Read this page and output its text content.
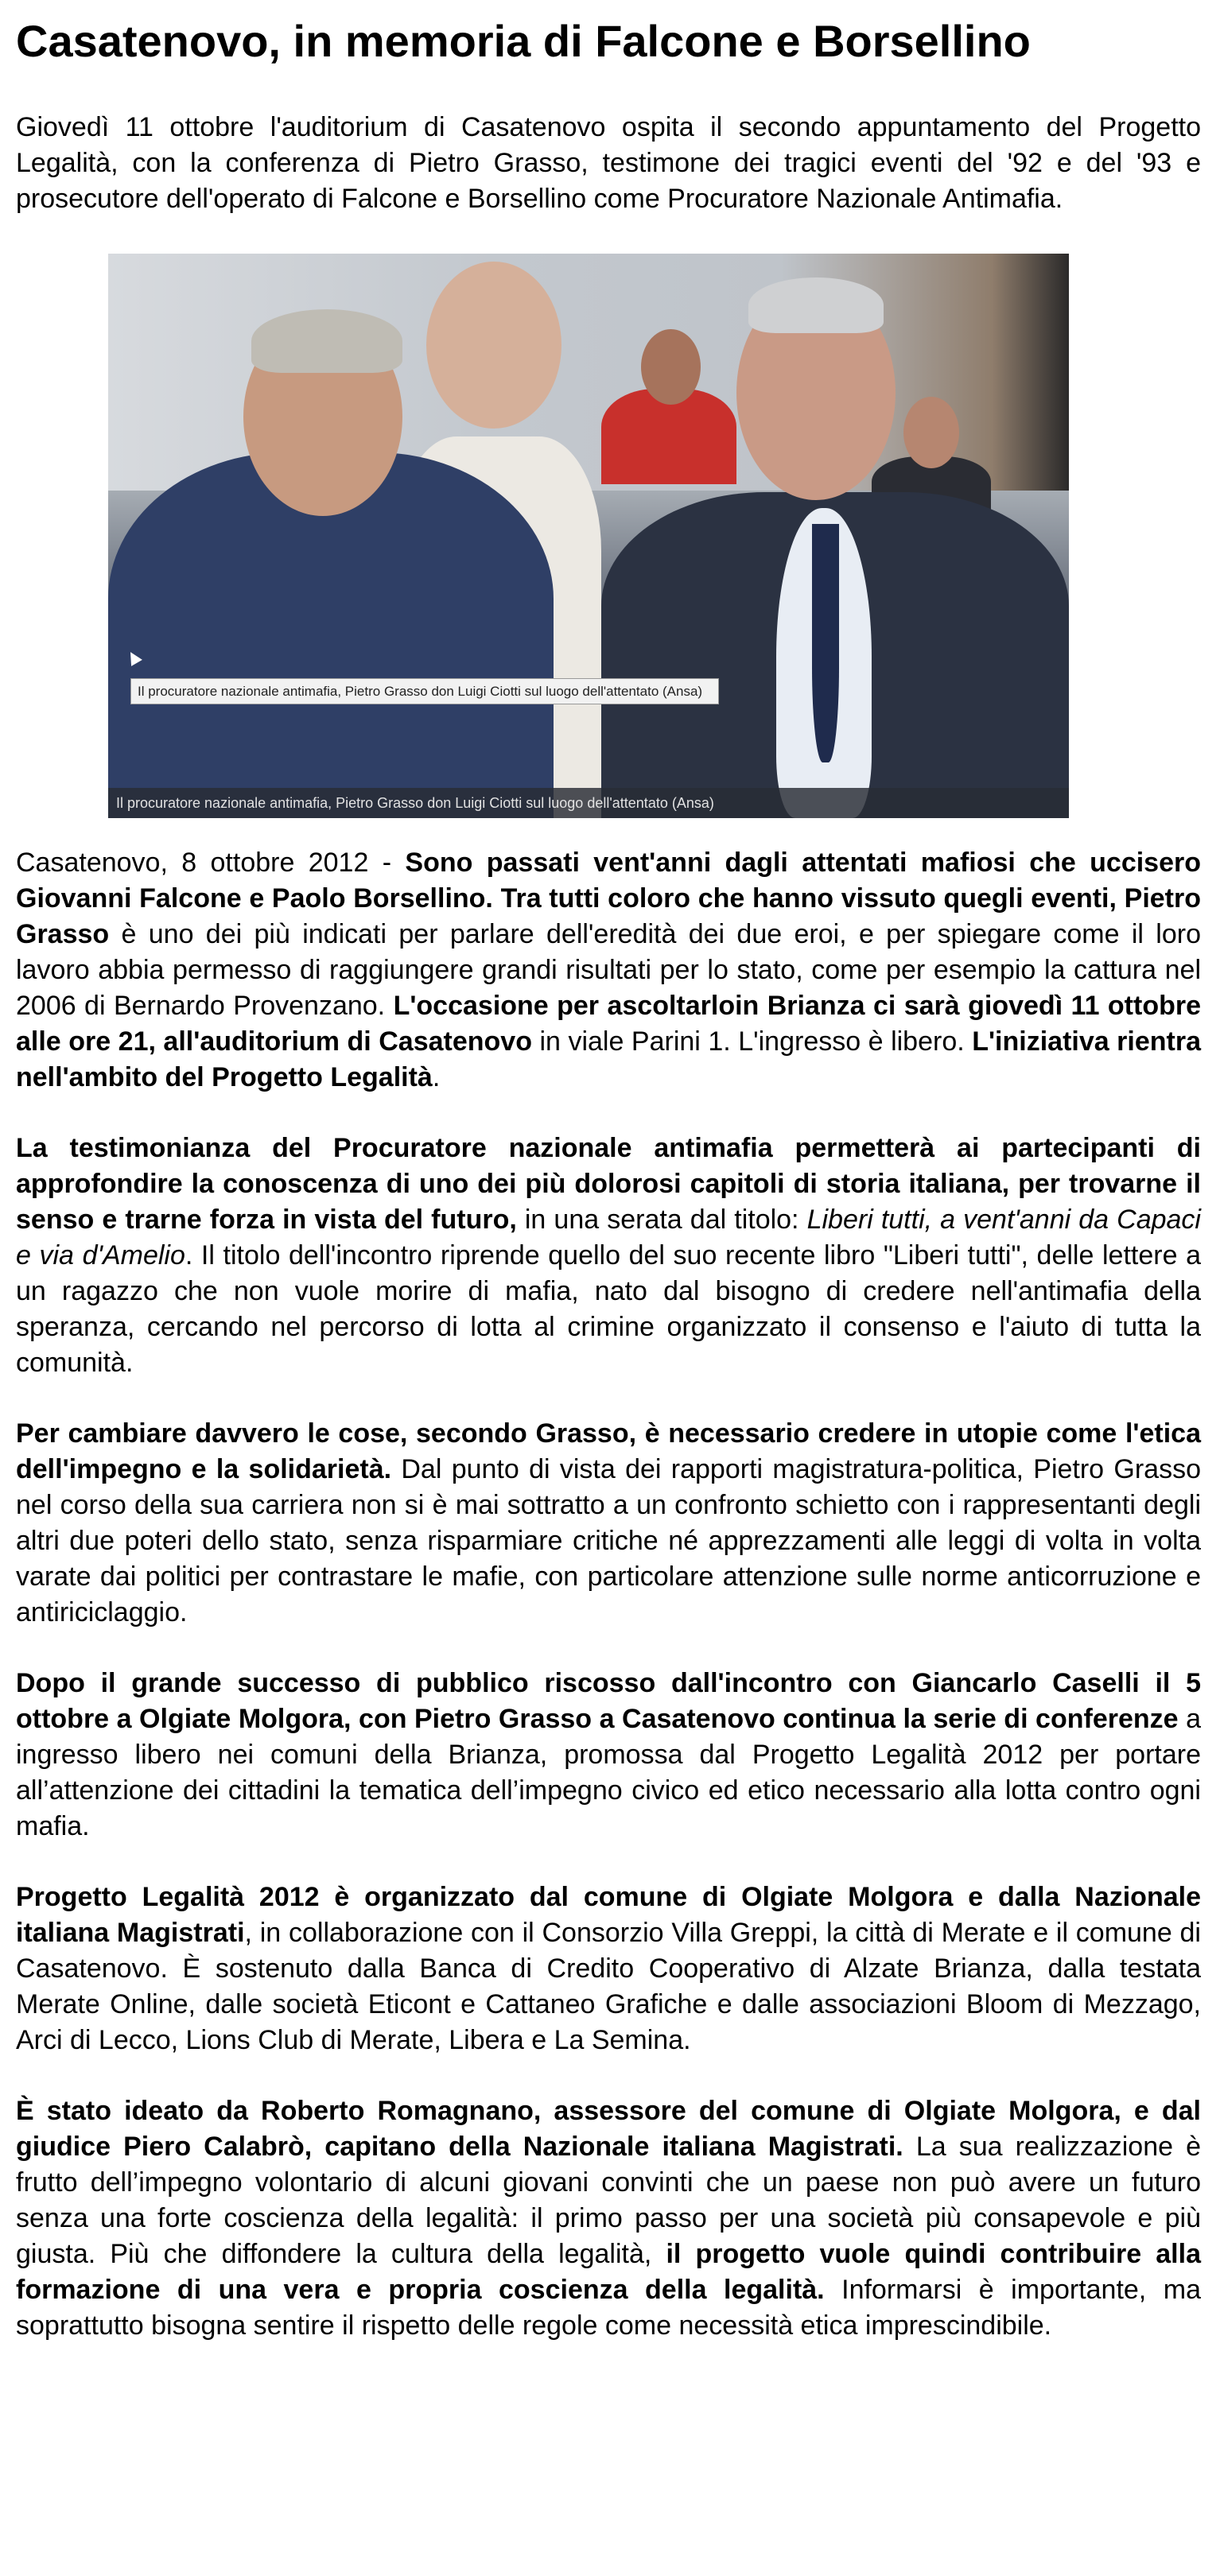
Casatenovo, in memoria di Falcone e Borsellino

Giovedì 11 ottobre l'auditorium di Casatenovo ospita il secondo appuntamento del Progetto Legalità, con la conferenza di Pietro Grasso, testimone dei tragici eventi del '92 e del '93 e prosecutore dell'operato di Falcone e Borsellino come Procuratore Nazionale Antimafia.

Il procuratore nazionale antimafia, Pietro Grasso don Luigi Ciotti sul luogo dell'attentato (Ansa)
Il procuratore nazionale antimafia, Pietro Grasso don Luigi Ciotti sul luogo dell'attentato (Ansa)

Casatenovo, 8 ottobre 2012 - Sono passati vent'anni dagli attentati mafiosi che uccisero Giovanni Falcone e Paolo Borsellino. Tra tutti coloro che hanno vissuto quegli eventi, Pietro Grasso è uno dei più indicati per parlare dell'eredità dei due eroi, e per spiegare come il loro lavoro abbia permesso di raggiungere grandi risultati per lo stato, come per esempio la cattura nel 2006 di Bernardo Provenzano. L'occasione per ascoltarloin Brianza ci sarà giovedì 11 ottobre alle ore 21, all'auditorium di Casatenovo in viale Parini 1. L'ingresso è libero. L'iniziativa rientra nell'ambito del Progetto Legalità.

La testimonianza del Procuratore nazionale antimafia permetterà ai partecipanti di approfondire la conoscenza di uno dei più dolorosi capitoli di storia italiana, per trovarne il senso e trarne forza in vista del futuro, in una serata dal titolo: Liberi tutti, a vent'anni da Capaci e via d'Amelio. Il titolo dell'incontro riprende quello del suo recente libro "Liberi tutti", delle lettere a un ragazzo che non vuole morire di mafia, nato dal bisogno di credere nell'antimafia della speranza, cercando nel percorso di lotta al crimine organizzato il consenso e l'aiuto di tutta la comunità.

Per cambiare davvero le cose, secondo Grasso, è necessario credere in utopie come l'etica dell'impegno e la solidarietà. Dal punto di vista dei rapporti magistratura-politica, Pietro Grasso nel corso della sua carriera non si è mai sottratto a un confronto schietto con i rappresentanti degli altri due poteri dello stato, senza risparmiare critiche né apprezzamenti alle leggi di volta in volta varate dai politici per contrastare le mafie, con particolare attenzione sulle norme anticorruzione e antiriciclaggio.

Dopo il grande successo di pubblico riscosso dall'incontro con Giancarlo Caselli il 5 ottobre a Olgiate Molgora, con Pietro Grasso a Casatenovo continua la serie di conferenze a ingresso libero nei comuni della Brianza, promossa dal Progetto Legalità 2012 per portare all’attenzione dei cittadini la tematica dell’impegno civico ed etico necessario alla lotta contro ogni mafia.

Progetto Legalità 2012 è organizzato dal comune di Olgiate Molgora e dalla Nazionale italiana Magistrati, in collaborazione con il Consorzio Villa Greppi, la città di Merate e il comune di Casatenovo. È sostenuto dalla Banca di Credito Cooperativo di Alzate Brianza, dalla testata Merate Online, dalle società Eticont e Cattaneo Grafiche e dalle associazioni Bloom di Mezzago, Arci di Lecco, Lions Club di Merate, Libera e La Semina.

È stato ideato da Roberto Romagnano, assessore del comune di Olgiate Molgora, e dal giudice Piero Calabrò, capitano della Nazionale italiana Magistrati. La sua realizzazione è frutto dell’impegno volontario di alcuni giovani convinti che un paese non può avere un futuro senza una forte coscienza della legalità: il primo passo per una società più consapevole e più giusta. Più che diffondere la cultura della legalità, il progetto vuole quindi contribuire alla formazione di una vera e propria coscienza della legalità. Informarsi è importante, ma soprattutto bisogna sentire il rispetto delle regole come necessità etica imprescindibile.
